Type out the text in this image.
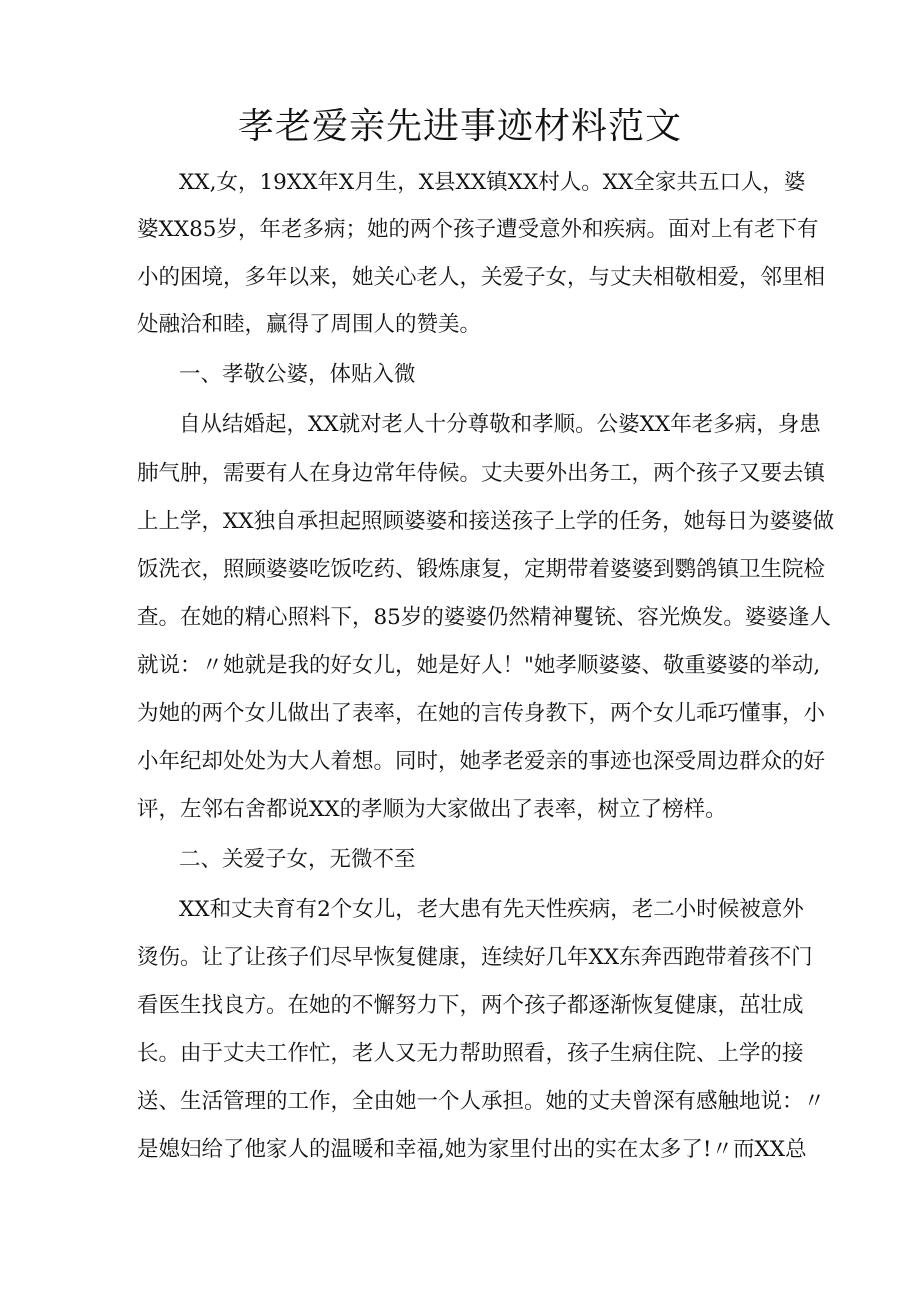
孝老爱亲先进事迹材料范文

XX,女，19XX年X月生，X县XX镇XX村人。XX全家共五口人，婆

婆XX85岁，年老多病；她的两个孩子遭受意外和疾病。面对上有老下有

小的困境，多年以来，她关心老人，关爱子女，与丈夫相敬相爱，邻里相

处融洽和睦，赢得了周围人的赞美。

一、孝敬公婆，体贴入微

自从结婚起，XX就对老人十分尊敬和孝顺。公婆XX年老多病，身患

肺气肿，需要有人在身边常年侍候。丈夫要外出务工，两个孩子又要去镇

上上学，XX独自承担起照顾婆婆和接送孩子上学的任务，她每日为婆婆做

饭洗衣，照顾婆婆吃饭吃药、锻炼康复，定期带着婆婆到鹦鸽镇卫生院检

查。在她的精心照料下，85岁的婆婆仍然精神矍铳、容光焕发。婆婆逢人

就说：〃她就是我的好女儿，她是好人！"她孝顺婆婆、敬重婆婆的举动,

为她的两个女儿做出了表率，在她的言传身教下，两个女儿乖巧懂事，小

小年纪却处处为大人着想。同时，她孝老爱亲的事迹也深受周边群众的好

评，左邻右舍都说XX的孝顺为大家做出了表率，树立了榜样。

二、关爱子女，无微不至

XX和丈夫育有2个女儿，老大患有先天性疾病，老二小时候被意外

烫伤。让了让孩子们尽早恢复健康，连续好几年XX东奔西跑带着孩不门

看医生找良方。在她的不懈努力下，两个孩子都逐渐恢复健康，茁壮成

长。由于丈夫工作忙，老人又无力帮助照看，孩子生病住院、上学的接

送、生活管理的工作，全由她一个人承担。她的丈夫曾深有感触地说：〃

是媳妇给了他家人的温暖和幸福,她为家里付出的实在太多了!〃而XX总
